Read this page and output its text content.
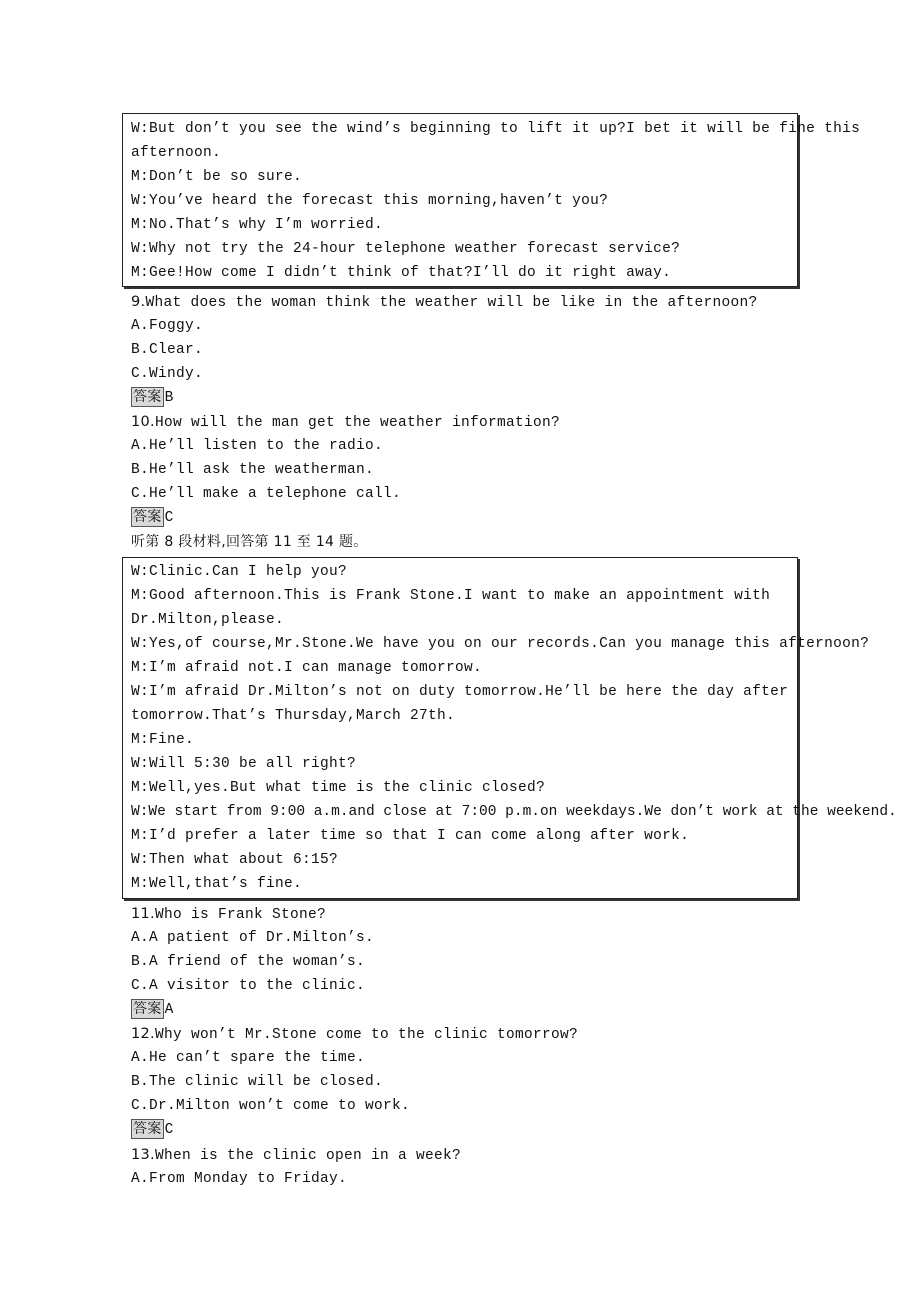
W:But don’t you see the wind’s beginning to lift it up?I bet it will be fine this
afternoon.
M:Don’t be so sure.
W:You’ve heard the forecast this morning,haven’t you?
M:No.That’s why I’m worried.
W:Why not try the 24-hour telephone weather forecast service?
M:Gee!How come I didn’t think of that?I’ll do it right away.
9.What does the woman think the weather will be like in the afternoon?
A.Foggy.
B.Clear.
C.Windy.
答案 B
10.How will the man get the weather information?
A.He’ll listen to the radio.
B.He’ll ask the weatherman.
C.He’ll make a telephone call.
答案 C
听第 8 段材料,回答第 11 至 14 题。
W:Clinic.Can I help you?
M:Good afternoon.This is Frank Stone.I want to make an appointment with
Dr.Milton,please.
W:Yes,of course,Mr.Stone.We have you on our records.Can you manage this afternoon?
M:I’m afraid not.I can manage tomorrow.
W:I’m afraid Dr.Milton’s not on duty tomorrow.He’ll be here the day after
tomorrow.That’s Thursday,March 27th.
M:Fine.
W:Will 5:30 be all right?
M:Well,yes.But what time is the clinic closed?
W:We start from 9:00 a.m.and close at 7:00 p.m.on weekdays.We don’t work at the weekend.
M:I’d prefer a later time so that I can come along after work.
W:Then what about 6:15?
M:Well,that’s fine.
11.Who is Frank Stone?
A.A patient of Dr.Milton’s.
B.A friend of the woman’s.
C.A visitor to the clinic.
答案 A
12.Why won’t Mr.Stone come to the clinic tomorrow?
A.He can’t spare the time.
B.The clinic will be closed.
C.Dr.Milton won’t come to work.
答案 C
13.When is the clinic open in a week?
A.From Monday to Friday.
